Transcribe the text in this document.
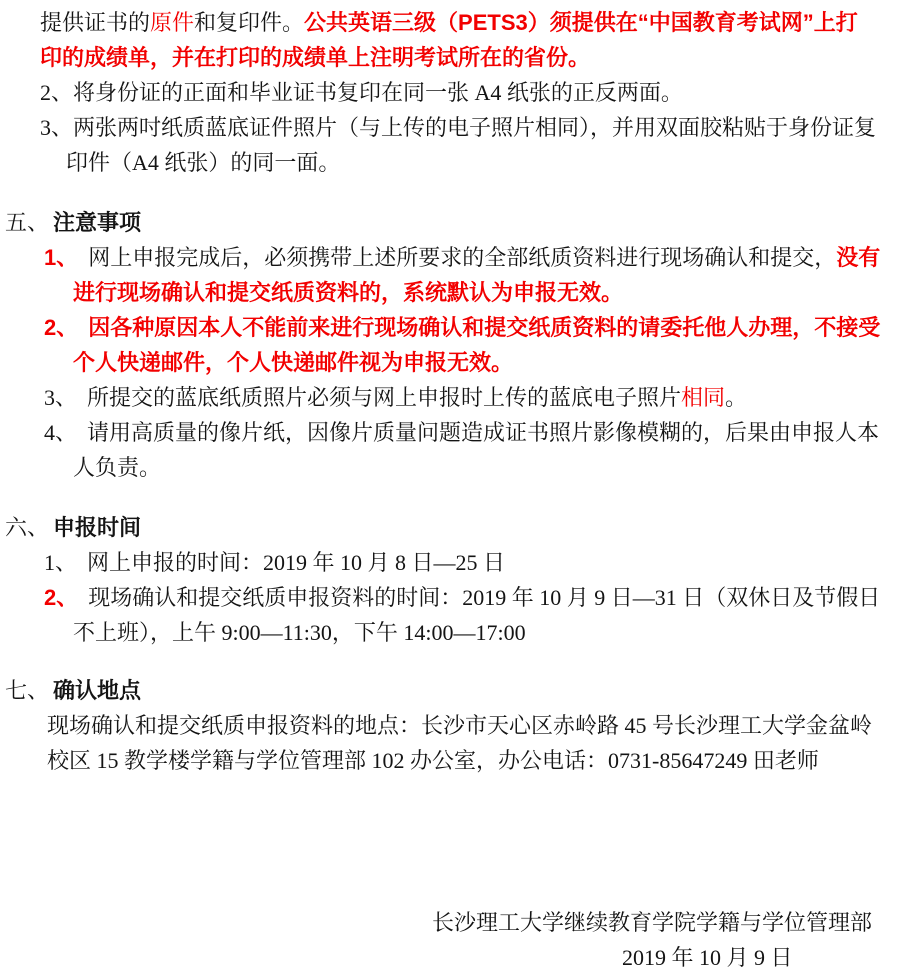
提供证书的原件和复印件。公共英语三级（PETS3）须提供在“中国教育考试网”上打
印的成绩单，并在打印的成绩单上注明考试所在的省份。
2、将身份证的正面和毕业证书复印在同一张 A4 纸张的正反两面。
3、两张两吋纸质蓝底证件照片（与上传的电子照片相同），并用双面胶粘贴于身份证复
印件（A4 纸张）的同一面。
五、 注意事项
1、 网上申报完成后，必须携带上述所要求的全部纸质资料进行现场确认和提交，没有
进行现场确认和提交纸质资料的，系统默认为申报无效。
2、 因各种原因本人不能前来进行现场确认和提交纸质资料的请委托他人办理，不接受
个人快递邮件，个人快递邮件视为申报无效。
3、 所提交的蓝底纸质照片必须与网上申报时上传的蓝底电子照片相同。
4、 请用高质量的像片纸，因像片质量问题造成证书照片影像模糊的，后果由申报人本
人负责。
六、 申报时间
1、 网上申报的时间：2019 年 10 月 8 日—25 日
2、 现场确认和提交纸质申报资料的时间：2019 年 10 月 9 日—31 日（双休日及节假日
不上班），上午 9:00—11:30，下午 14:00—17:00
七、 确认地点
现场确认和提交纸质申报资料的地点：长沙市天心区赤岭路 45 号长沙理工大学金盆岭
校区 15 教学楼学籍与学位管理部 102 办公室，办公电话：0731-85647249 田老师
长沙理工大学继续教育学院学籍与学位管理部
2019 年 10 月 9 日
